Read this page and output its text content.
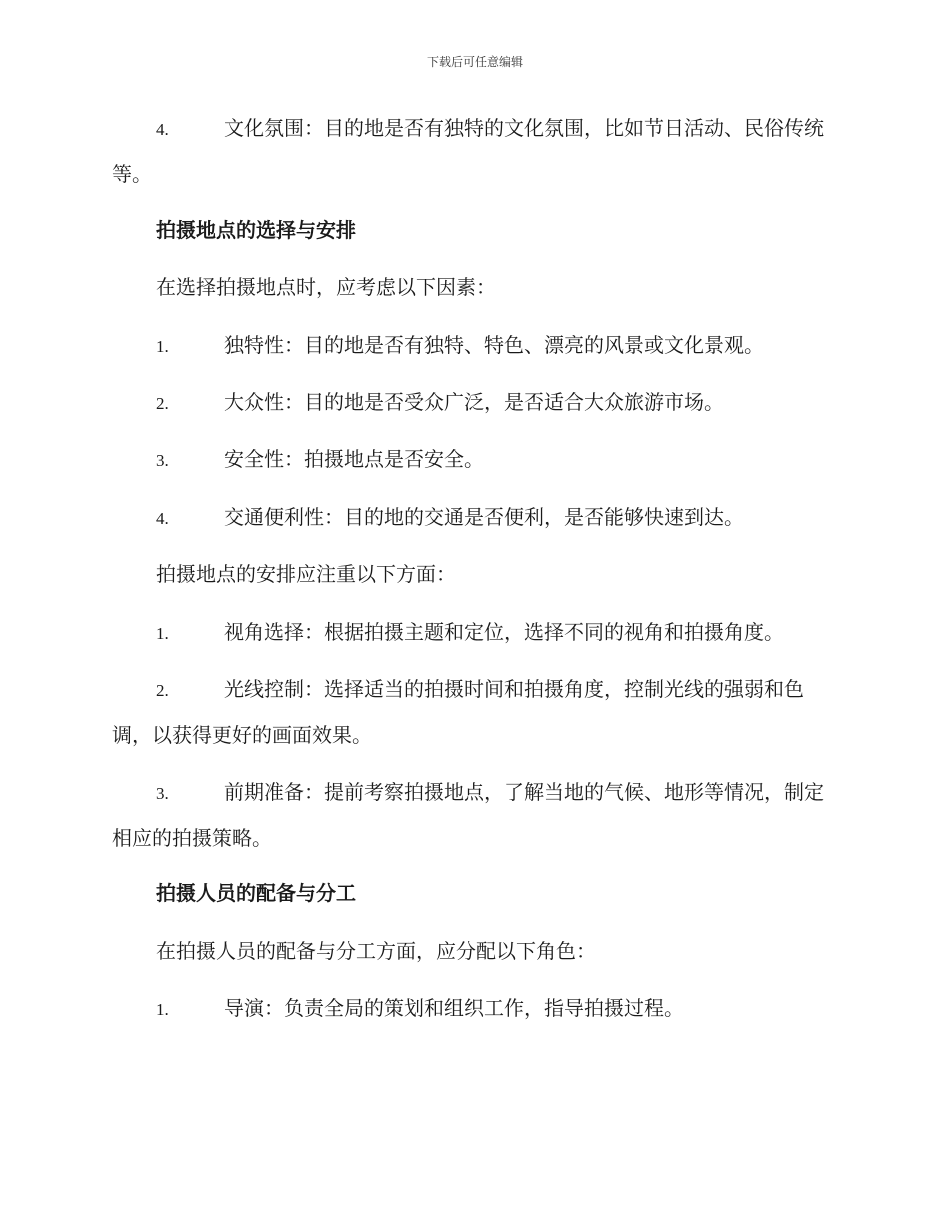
下载后可任意编辑

4.	文化氛围：目的地是否有独特的文化氛围，比如节日活动、民俗传统等。

拍摄地点的选择与安排

在选择拍摄地点时，应考虑以下因素：

1.	独特性：目的地是否有独特、特色、漂亮的风景或文化景观。

2.	大众性：目的地是否受众广泛，是否适合大众旅游市场。

3.	安全性：拍摄地点是否安全。

4.	交通便利性：目的地的交通是否便利，是否能够快速到达。

拍摄地点的安排应注重以下方面：

1.	视角选择：根据拍摄主题和定位，选择不同的视角和拍摄角度。

2.	光线控制：选择适当的拍摄时间和拍摄角度，控制光线的强弱和色调，以获得更好的画面效果。

3.	前期准备：提前考察拍摄地点，了解当地的气候、地形等情况，制定相应的拍摄策略。

拍摄人员的配备与分工

在拍摄人员的配备与分工方面，应分配以下角色：

1.	导演：负责全局的策划和组织工作，指导拍摄过程。
